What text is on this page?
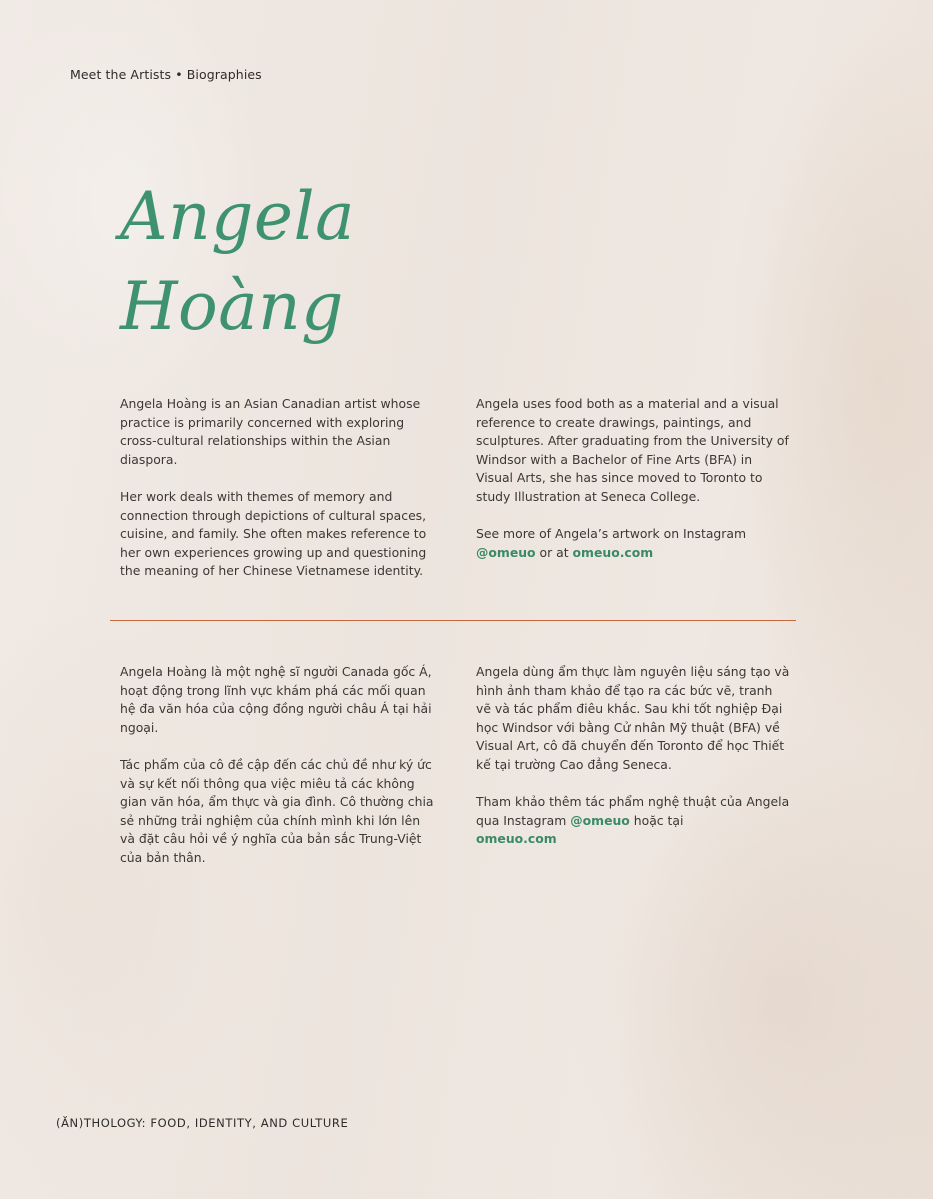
Meet the Artists • Biographies
Angela
Hoàng

Angela Hoàng is an Asian Canadian artist whose practice is primarily concerned with exploring cross-cultural relationships within the Asian diaspora.

Her work deals with themes of memory and connection through depictions of cultural spaces, cuisine, and family. She often makes reference to her own experiences growing up and questioning the meaning of her Chinese Vietnamese identity.

Angela uses food both as a material and a visual reference to create drawings, paintings, and sculptures. After graduating from the University of Windsor with a Bachelor of Fine Arts (BFA) in Visual Arts, she has since moved to Toronto to study Illustration at Seneca College.

See more of Angela’s artwork on Instagram
@omeuo or at omeuo.com

Angela Hoàng là một nghệ sĩ người Canada gốc Á, hoạt động trong lĩnh vực khám phá các mối quan hệ đa văn hóa của cộng đồng người châu Á tại hải ngoại.

Tác phẩm của cô đề cập đến các chủ đề như ký ức và sự kết nối thông qua việc miêu tả các không gian văn hóa, ẩm thực và gia đình. Cô thường chia sẻ những trải nghiệm của chính mình khi lớn lên và đặt câu hỏi về ý nghĩa của bản sắc Trung-Việt của bản thân.

Angela dùng ẩm thực làm nguyên liệu sáng tạo và hình ảnh tham khảo để tạo ra các bức vẽ, tranh vẽ và tác phẩm điêu khắc. Sau khi tốt nghiệp Đại học Windsor với bằng Cử nhân Mỹ thuật (BFA) về Visual Art, cô đã chuyển đến Toronto để học Thiết kế tại trường Cao đẳng Seneca.

Tham khảo thêm tác phẩm nghệ thuật của Angela qua Instagram @omeuo hoặc tại
omeuo.com

(ĂN)THOLOGY: FOOD, IDENTITY, AND CULTURE
